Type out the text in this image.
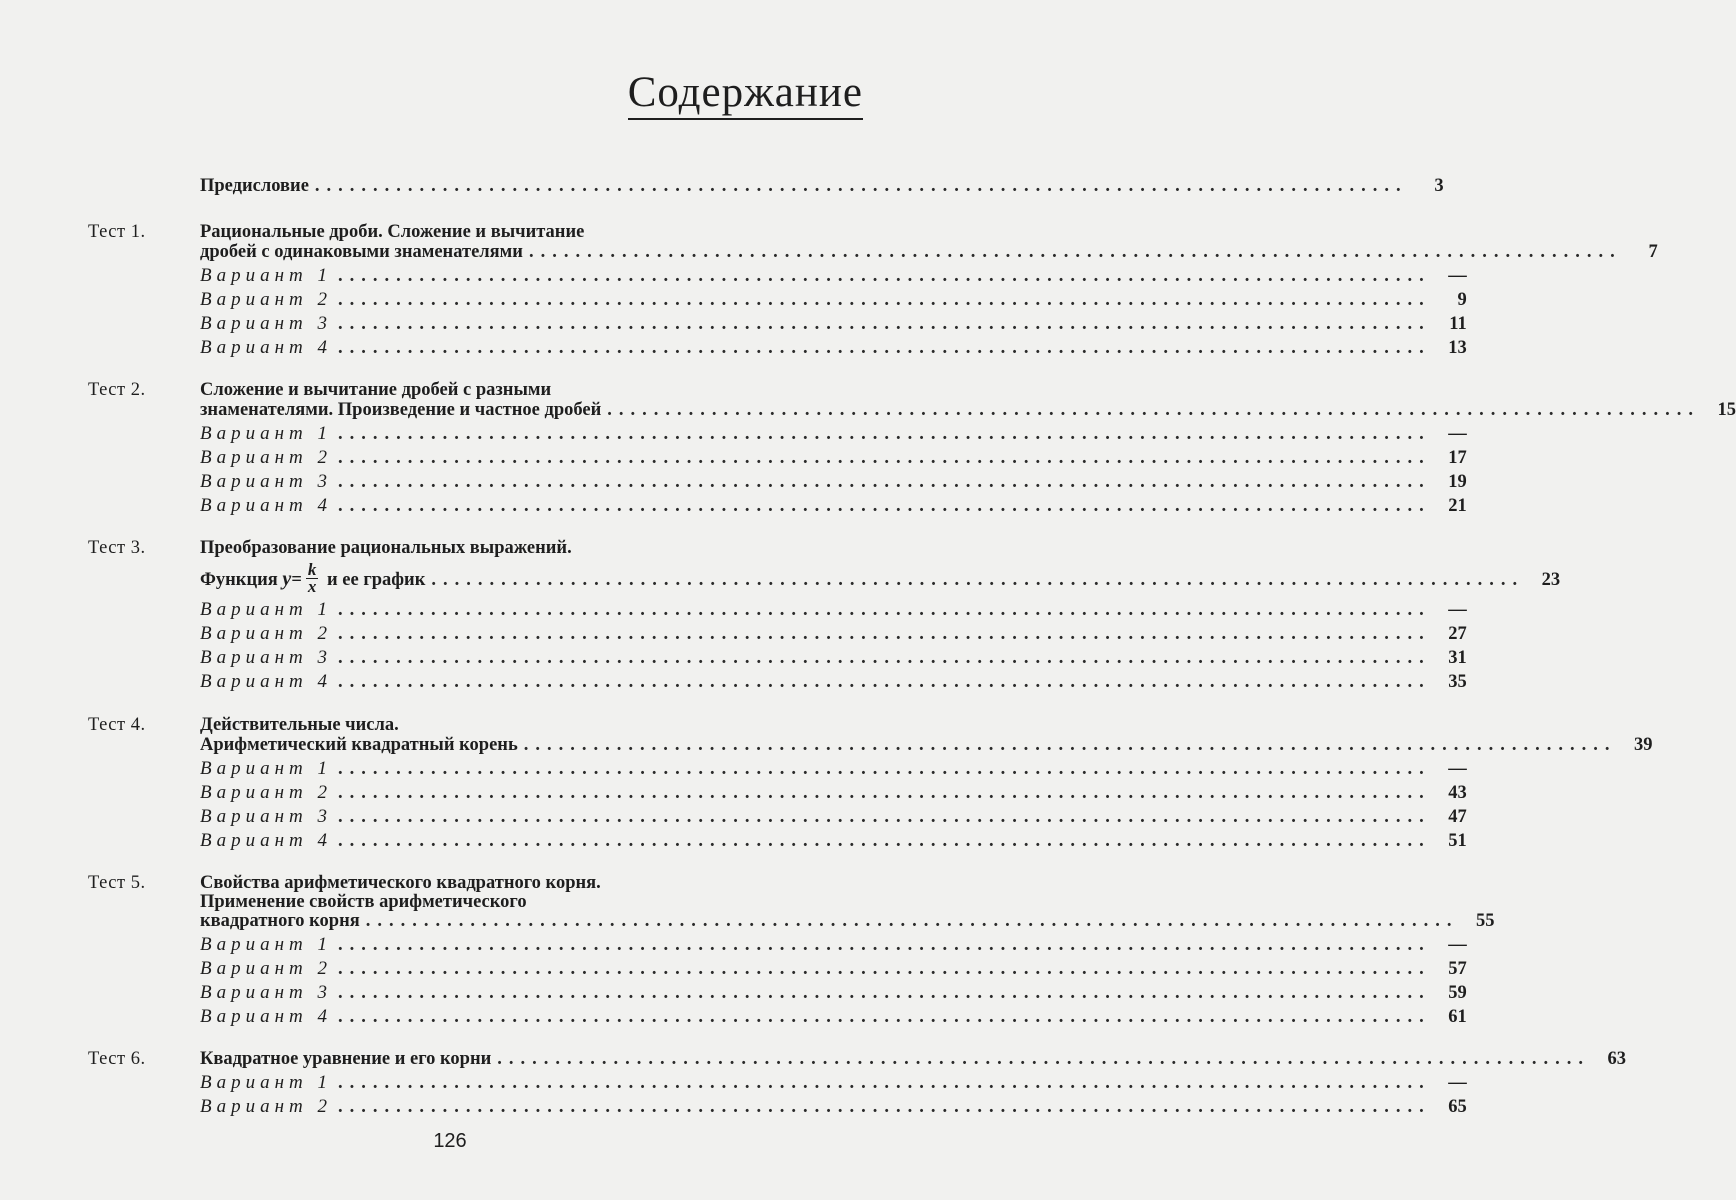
Содержание
Предисловие ..............................................................................................	3
Тест 1.	Рациональные дроби. Сложение и вычитание
дробей с одинаковыми знаменателями ..............................................................................................	7
Вариант 1 .............................................................................................. —
Вариант 2 ..............................................................................................	9
Вариант 3 ..............................................................................................	11
Вариант 4 .............................................................................................. 13
Тест 2.	Сложение и вычитание дробей с разными
знаменателями. Произведение и частное дробей .............................................................................................. 15
Вариант 1 .............................................................................................. —
Вариант 2 .............................................................................................. 17
Вариант 3 .............................................................................................. 19
Вариант 4 .............................................................................................. 21
Тест 3.	Преобразование рациональных выражений.
Функция $y= \frac{k}{x}$ и ее график .............................................................................................. 23
Вариант 1 .............................................................................................. —
Вариант 2 .............................................................................................. 27
Вариант 3 .............................................................................................. 31
Вариант 4 .............................................................................................. 35
Тест 4.	Действительные числа.
Арифметический квадратный корень .............................................................................................. 39
Вариант 1 .............................................................................................. —
Вариант 2 .............................................................................................. 43
Вариант 3 .............................................................................................. 47
Вариант 4 .............................................................................................. 51
Тест 5.	Свойства арифметического квадратного корня.
Применение свойств арифметического
квадратного корня .............................................................................................. 55
Вариант 1 .............................................................................................. —
Вариант 2 .............................................................................................. 57
Вариант 3 .............................................................................................. 59
Вариант 4 .............................................................................................. 61
Тест 6.	Квадратное уравнение и его корни .............................................................................................. 63
Вариант 1 .............................................................................................. —
Вариант 2 .............................................................................................. 65
126
